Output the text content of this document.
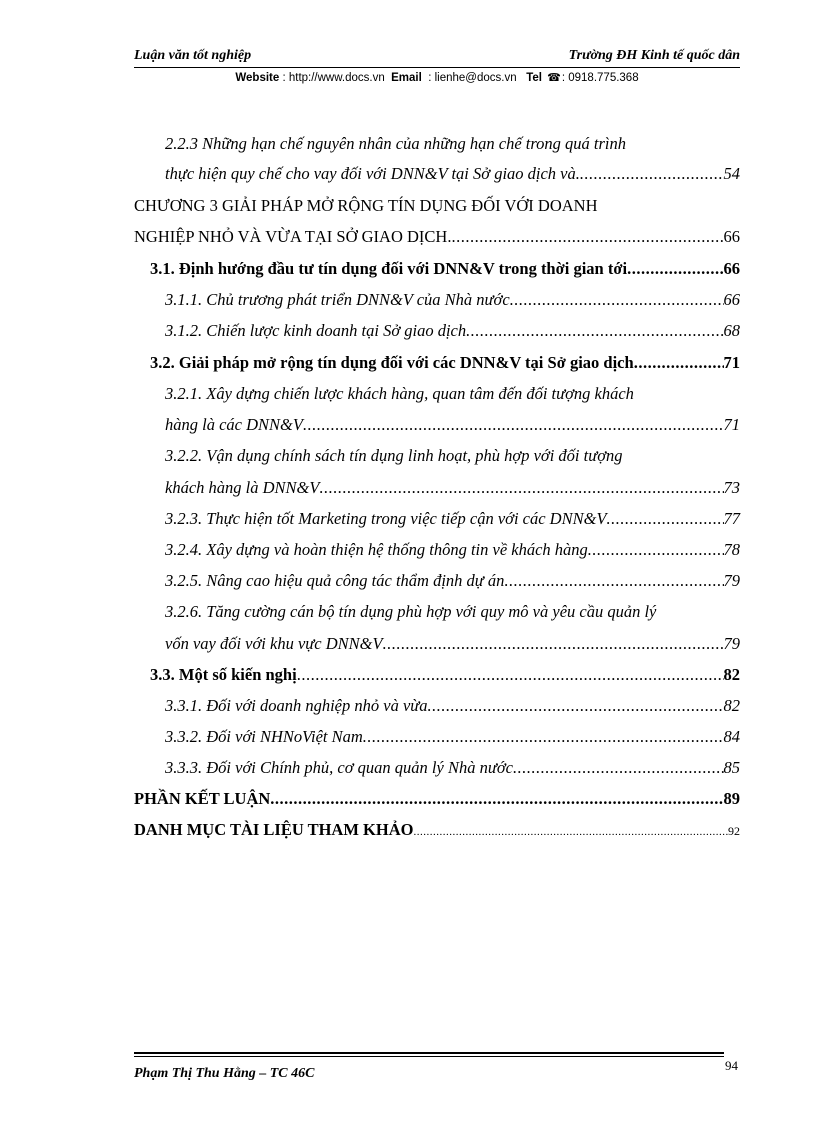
Luận văn tốt nghiệp	Trường ĐH Kinh tế quốc dân
Website : http://www.docs.vn Email : lienhe@docs.vn Tel ☎: 0918.775.368
2.2.3 Những hạn chế nguyên nhân của những hạn chế trong quá trình
thực hiện quy chế cho vay đối với DNN&V tại Sở giao dịch và. .....	54
CHƯƠNG 3 GIẢI PHÁP MỞ RỘNG TÍN DỤNG ĐỐI VỚI DOANH
NGHIỆP NHỎ VÀ VỪA TẠI SỞ GIAO DỊCH. .....	66
3.1. Định hướng đầu tư tín dụng đối với DNN&V trong thời gian tới .....	66
3.1.1. Chủ trương phát triển DNN&V của Nhà nước .....	66
3.1.2. Chiến lược kinh doanh tại Sở giao dịch .....	68
3.2. Giải pháp mở rộng tín dụng đối với các DNN&V tại Sở giao dịch .....	71
3.2.1. Xây dựng chiến lược khách hàng, quan tâm đến đối tượng khách
hàng là các DNN&V .....	71
3.2.2. Vận dụng chính sách tín dụng linh hoạt, phù hợp với đối tượng
khách hàng là DNN&V .....	73
3.2.3. Thực hiện tốt Marketing trong việc tiếp cận với các DNN&V .....	77
3.2.4. Xây dựng và hoàn thiện hệ thống thông tin về khách hàng .....	78
3.2.5. Nâng cao hiệu quả công tác thẩm định dự án .....	79
3.2.6. Tăng cường cán bộ tín dụng phù hợp với quy mô và yêu cầu quản lý
vốn vay đối với khu vực DNN&V .....	79
3.3. Một số kiến nghị .....	82
3.3.1. Đối với doanh nghiệp nhỏ và vừa .....	82
3.3.2. Đối với NHNoViệt Nam .....	84
3.3.3. Đối với Chính phủ, cơ quan quản lý Nhà nước .....	85
PHẦN KẾT LUẬN .....	89
DANH MỤC TÀI LIỆU THAM KHẢO .....	92
Phạm Thị Thu Hằng – TC 46C
94
